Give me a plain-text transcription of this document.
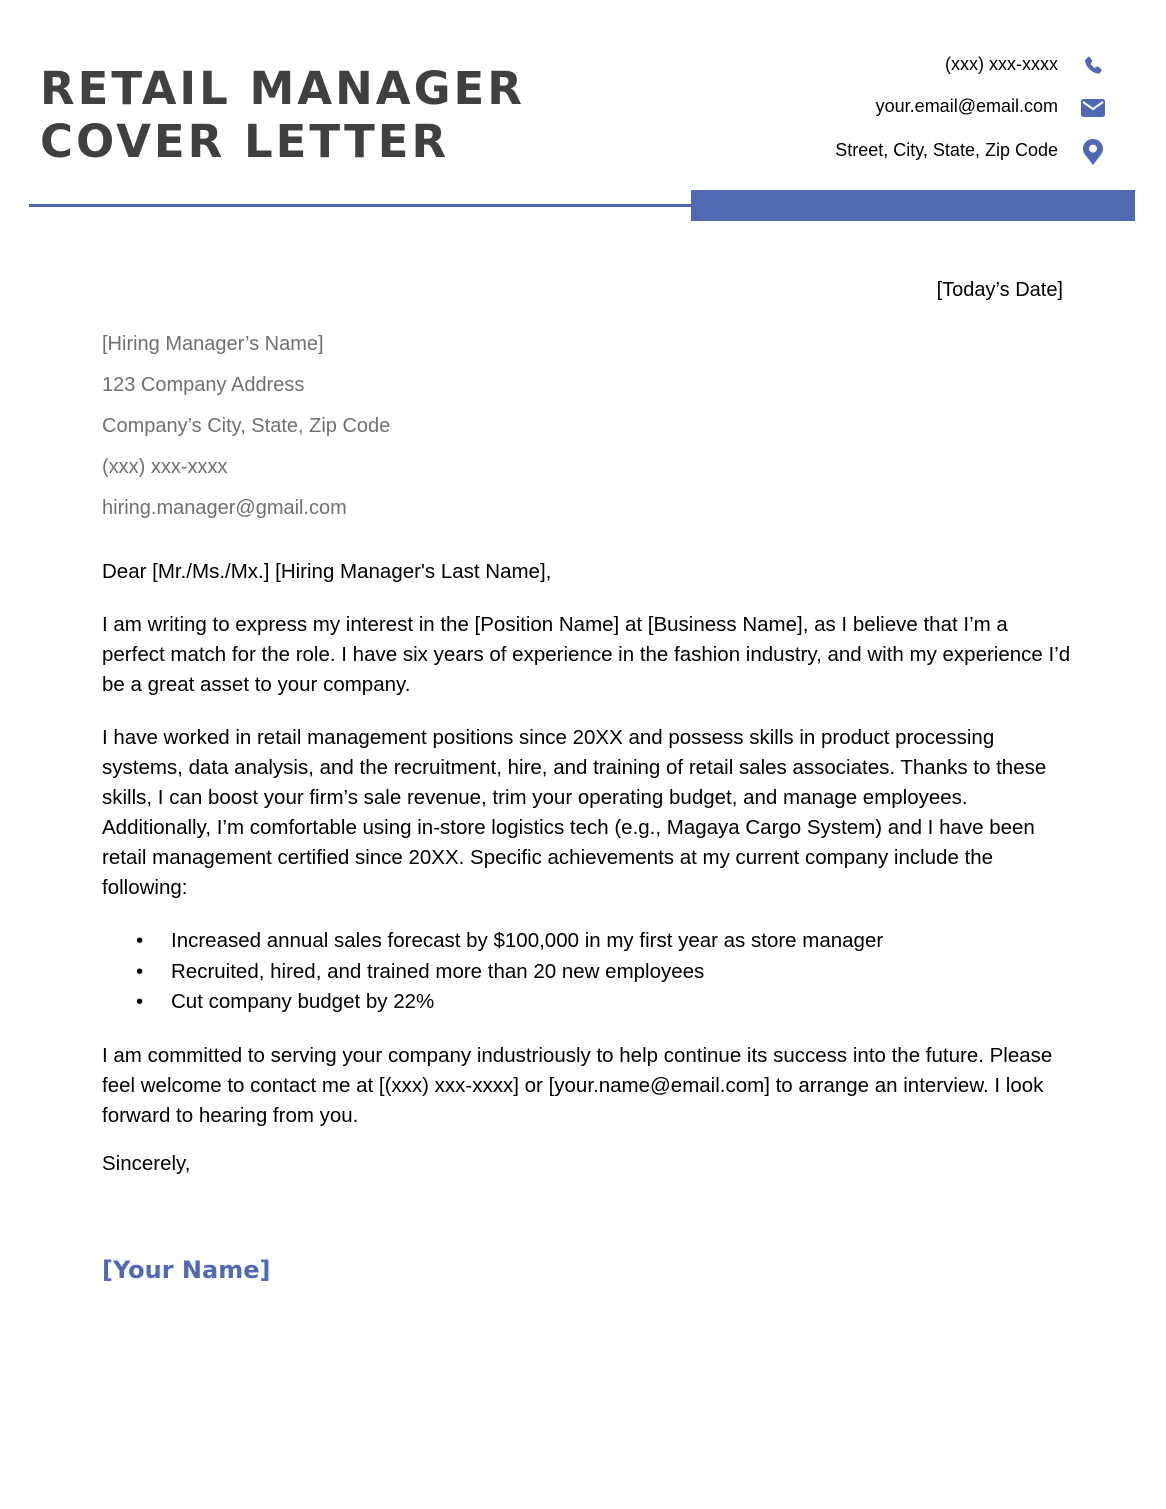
RETAIL MANAGER
COVER LETTER
(xxx) xxx-xxxx
your.email@email.com
Street, City, State, Zip Code
[Today’s Date]
[Hiring Manager’s Name]
123 Company Address
Company’s City, State, Zip Code
(xxx) xxx-xxxx
hiring.manager@gmail.com

Dear [Mr./Ms./Mx.] [Hiring Manager's Last Name],

I am writing to express my interest in the [Position Name] at [Business Name], as I believe that I’m a perfect match for the role. I have six years of experience in the fashion industry, and with my experience I’d be a great asset to your company.

I have worked in retail management positions since 20XX and possess skills in product processing systems, data analysis, and the recruitment, hire, and training of retail sales associates. Thanks to these skills, I can boost your firm’s sale revenue, trim your operating budget, and manage employees. Additionally, I’m comfortable using in-store logistics tech (e.g., Magaya Cargo System) and I have been retail management certified since 20XX. Specific achievements at my current company include the following:

• Increased annual sales forecast by $100,000 in my first year as store manager
• Recruited, hired, and trained more than 20 new employees
• Cut company budget by 22%

I am committed to serving your company industriously to help continue its success into the future. Please feel welcome to contact me at [(xxx) xxx-xxxx] or [your.name@email.com] to arrange an interview. I look forward to hearing from you.

Sincerely,
[Your Name]
